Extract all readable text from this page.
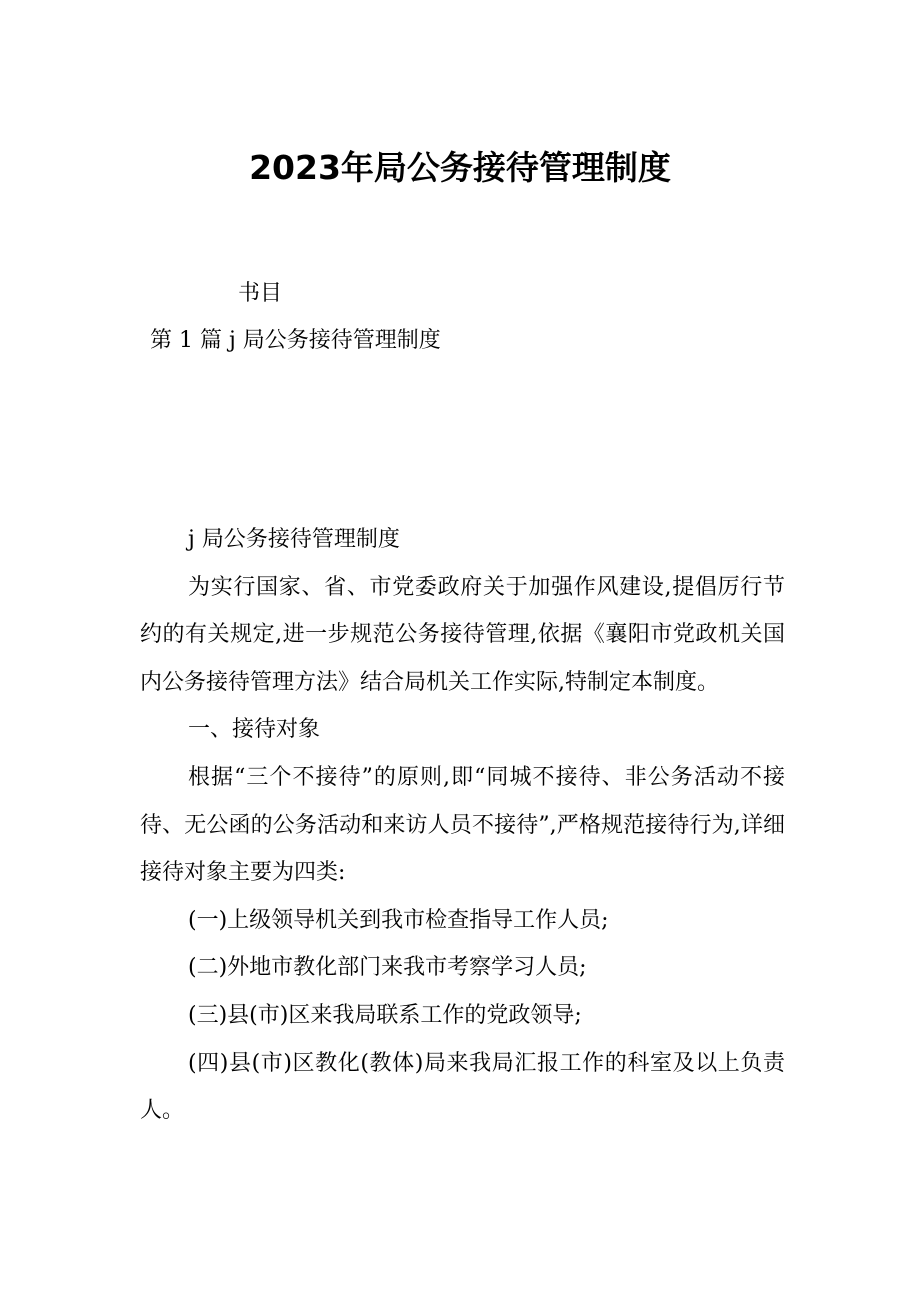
2023年局公务接待管理制度
书目
第 1 篇 j 局公务接待管理制度

j 局公务接待管理制度

为实行国家、省、市党委政府关于加强作风建设,提倡厉行节约的有关规定,进一步规范公务接待管理,依据《襄阳市党政机关国内公务接待管理方法》结合局机关工作实际,特制定本制度。

一、接待对象

根据“三个不接待”的原则,即“同城不接待、非公务活动不接待、无公函的公务活动和来访人员不接待”,严格规范接待行为,详细接待对象主要为四类:

(一)上级领导机关到我市检查指导工作人员;

(二)外地市教化部门来我市考察学习人员;

(三)县(市)区来我局联系工作的党政领导;

(四)县(市)区教化(教体)局来我局汇报工作的科室及以上负责人。
